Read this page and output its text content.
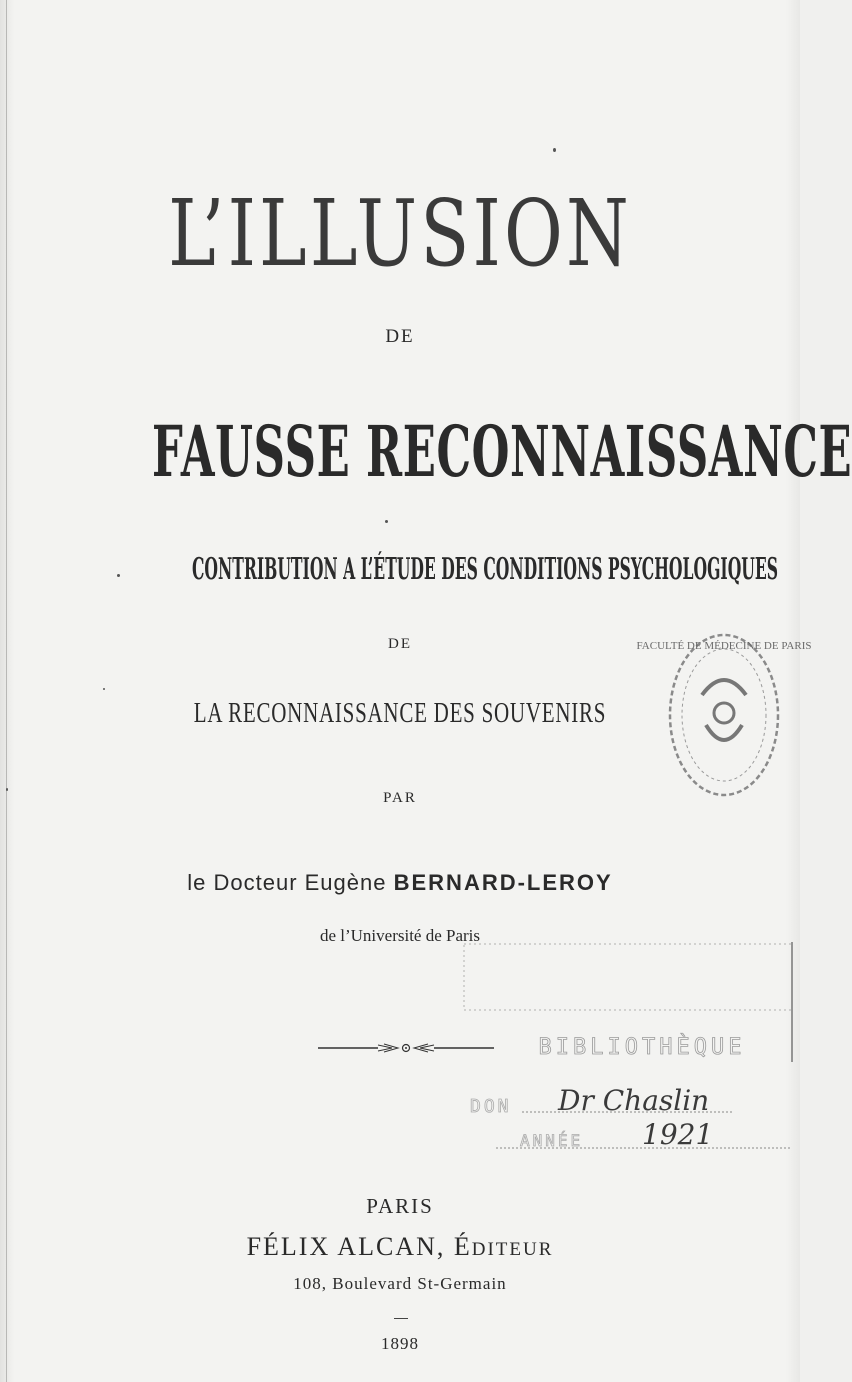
L’ILLUSION
DE
FAUSSE RECONNAISSANCE
CONTRIBUTION A L’ÉTUDE DES CONDITIONS PSYCHOLOGIQUES
DE
LA RECONNAISSANCE DES SOUVENIRS
PAR
le Docteur Eugène BERNARD-LEROY
de l’Université de Paris
PARIS
FÉLIX ALCAN, ÉDITEUR
108, Boulevard St-Germain
1898
FACULTÉ DE MÉDECINE DE PARIS
BIBLIOTHÈQUE
DON Dr Chaslin
ANNÉE 1921
